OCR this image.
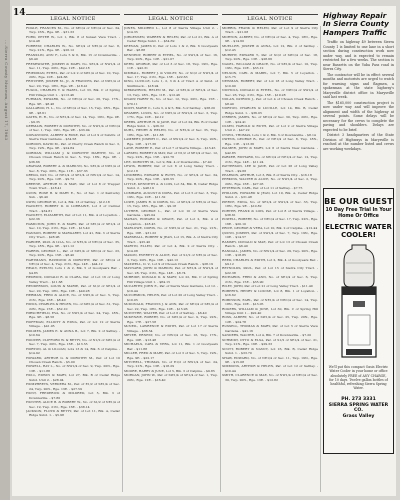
....Sierra County Museum, August 17, 1963
14
LEGAL NOTICE	LEGAL NOTICE	LEGAL NOTICE

FOGLE, FRANCES M., No. of SE1/4 of NE1/4 of Sec. 34, Twp. 16N., Rge. 9E. - $31.33

FORD, PETER W., Lot 1, Blk. 8 of Sunset View Tract. - $14.48

FORREST, CHARLES W., No. SE1/4 of NE1/4 of Sec. 8, Twp. 21N., Rge. 9E. - $26.12

FRANKLIN, ANN F., Lots 5 & 6, Blk. 15 of Downieville. - $6.40

FRESHWATER, JOSEPH & MARY, No. SE1/4 of NW1/4 of Sec. 11, Twp. 20N., Rge. 12E. - $42.18

FRIEDMAN, ETHEL, Par. of Lot 2 of SW1/4 of Sec. 10, Twp. 20N., Rge. 10E. - $24.66

FRITCHER, JOSEPH M., Jr., & FRANCES, Par. of NW1/4 of Sec. 20, Twp. 18N., Rge. 9E. - $18.41

FUGOL, CHARLES T. & HAZEL, Lot 33, Blk. C of Spring Hill Village Unit 1. - $113.46

FURMAN, EDWARD, No. of NE1/4 of Sec. 26, Twp. 17N., Rge. 9E. - $8.46

GALLARDO, H. L., No. of SE1/4 of Sec. 15, Twp. 18N., Rge. 9E. - $8.61

GATES, H. R., No. of NE1/4 of Sec. 14, Twp. 16N., Rge. 9E. - $9.35

GERMAIN, ROBERT & DOROTHY, No. of NW1/4 of NW1/4 of Sec. 1, Twp. 19N., Rge. 9E. - $33.94

GIOVANNONI, ALBERT & ROSE, Par. of Lot 9 of Subdiv. of Sierra View Gardens. - $34.58

GORDON, DAVID M., Par. of Cherry Creek Ranch in Sec. 3, Twp. 19N., Rge. 9E. - $24.84

GORMAN, WILLIAM J. & DOROTHY MARTHY, No. of Chosen Creek Ranch in Sec. 5, Twp. 18N., Rge. 9E. - $36.66

GRAHAM, ROBERT A. & MARILYN, No. SE1/4 of NW1/4 of Sec. 8, Twp. 20N., Rge. 11E. - $37.33

GREGG, PAT, No. of NE1/4 of SE1/4 of NW1/4 of Sec. 14, Twp. 20N., Rge. 12E. - $9.72

GREENE, ARTHUR N. & MAE, Par. of Lot 8 of Trapper Town Tract. - $18.41

GUNN, ROSE B. & MARY E., No. of Sec. 1 of Kentucky Sub. - $6.40

GWIN, GEORGE W., Lot 4, Blk. 13 of Sattley. - $12.18

HACKETT, ROBERT D. & LORRAINE, Lot 3 of Carmel Tract. - $34.81

HACKETT, ELIZABETH, Par. of Lot 11, Blk. 4 of Loyalton. - $22.36

HAMILTON, JOHN E. & MARY, Par. of SE1/4 of SE1/4 of Sec. 10, Twp. 21N., Rge. 12E. - $15.40

HANSON, ROBERT & MARGARET, Lot 41, Blk. 3 of Sierra City Tract. - $28.96

HARDER, PAUL & LILA, No. of NE1/4 of NE1/4 of Sec. 35, Twp. 18N., Rge. 9E. - $21.12

HARRIS, GEORGE L., Par. of SW1/4 of SW1/4 of Sec. 23, Twp. 20N., Rge. 15E. - $8.40

HARTMANN, RAYMOND & DOROTHY, Par. of SE1/4 of NE1/4 of Sec. 4, Twp. 21N., Rge. 14E. - $44.12

HEALY, EVELYN, Lots 1 & 2, Blk. 5 of Goodyears Bar. - $4.85

HEDRICK, DONALD R. & CLARA, Par. of Lot 16 of Long Valley Tract. - $11.68

HENDERSON, LOUIS & MARIE, Par. of S1/2 of SE1/4 of Sec. 20, Twp. 18N., Rge. 10E. - $49.28

HERMAN, FRED & ALICE, No. of NW1/4 of Sec. 5, Twp. 21N., Rge. 16E. - $8.40

HICKS, CHARLES & HELEN, No. of SW1/4 of Sec. 31, Twp. 22N., Rge. 15E. - $52.10

HIRSCHFIELD, EVA, No. of NW1/4 of Sec. 24, Twp. 18N., Rge. 9E. - $8.56

HOFFMAN, ELLIOTT & EDNA, Par. of Lot 12 of Sierra Village. - $41.05

HOLMES, JAMES E. & ANNA B., Lot 7, Blk. 2 of Sattley. - $10.64

HOOVER, CLIFFORD W. & BETTY, No. of N1/2 of SW1/4 of Sec. 7, Twp. 20N., Rge. 16E. - $13.55

HORTON, AL & LILLIAN, Lots 13 & 14, Blk. 6 of Calpine. - $14.92

HOWARD, ARTHUR G. & DOROTHY M., Par. of Lot 10 Chosen Creek Ranch. - $5.00

HOWELL, RAY L., No. of NW1/4 of Sec. 9, Twp. 20N., Rge. 13E. - $11.88

HULL, EDWIN & MARY, Lot 27, Blk. B of Cedar Ridge Subd. Unit 2. - $28.04

HUMPHREYS, VERDERA M., Par. of E1/2 of SE1/4 of Sec. 24, Twp. 20N., Rge. 13E. - $27.59

HUNT, FREDERICK & MILDRED, Lot 5, Blk. 3 of Downieville. - $7.80

HUNTER, ALICE B. & ROBERT W., No. of S1/2 of NE1/4 of Sec. 19, Twp. 21N., Rge. 16E. - $38.14

JACKSON, FLOYD & BETTY, Par. of Lot 11, Blk. A, Cedar Ridge Subd. 1. - $5.98

JONES, MILDRED L., Lot 8 of Sierra Village Unit 2. - $14.35

JORGENSEN, WARREN & HELEN, Par. of Lot 21, Blk. A of Cedar Ridge Subd. 1. - $34.69

KEENAN, JAMES P., Par. of Lots 1 & 2, Blk. 6 Goodyears Bar. - $8.88

KENNEDY, ROBERT & ETHEL, No. of SW1/4 of Sec. 16, Twp. 20N., Rge. 12E. - $21.07

KERN, GEORGE, Par. of Lot 3 of Sec. 18, Twp. 19N., Rge. 11E. - $42.31

KIMBALL, ROBERT J. & VIOLET, No. of S1/2 of NW1/4 of Sec. 17, Twp. 21N., Rge. 13E. - $22.63

KING, LUCILLE, Lots 1, 2, 3 & 4 of Tract A of Subd. of Smithneck. - $18.94

KIRKPATRICK, HELEN M., Par. of SE1/4 of NE1/4 of Sec. 13, Twp. 18N., Rge. 11E. - $12.46

KNAPP, HARRY W., No. of Sec. 12, Twp. 20N., Rge. 15E. - $70.11

KOCH, MARIE C., Lots 3, 4 & 5, Blk. 3 of Sattley. - $38.20

KRAMER, LOUIS, No. of NW1/4 of NW1/4 of Sec. 3, Twp. 17N., Rge. 10E. - $9.12

KREBS, ARTHUR H. & JANE, Par. of Lot 24, Blk. B of Cedar Ridge Subd. 1. - $26.32

KUHL, HENRY & HELEN, No. of NE1/4 of Sec. 35, Twp. 18N., Rge. 9E. - $11.88

LAMBERT, JOSEPH C., Par. of SW1/4 of Sec. 6, Twp. 20N., Rge. 12E. - $17.36

LANE, ROBERT E., Par. of Lot 7 of Sierra Village. - $13.45

LARSEN, ROBERT & MAY, Par. of N1/2 of SE1/4 of Sec. 12, Twp. 22N., Rge. 15E. - $22.76

LEE, DOROTHY M., Lot 9, Blk. 4 of Downieville. - $7.40

LEWIS, ROBERT, Par. of Lot 8 of Long Valley Tract. - $12.18

LINDBERG, EDWARD & RUTH, No. of SE1/4 of Sec. 34, Twp. 20N., Rge. 13E. - $26.55

LITTLE, KENNETH A. & LOIS, Lot 34, Blk. B, Cedar Ridge Subd. 2. - $48.19

LOMBARD, AUGUST & DORA, Par. of Lot 5 of Sec. 3, Twp. 19N., Rge. 10E. - $11.32

LOWE, JAMES R. & DORIS, No. of SE1/4 of NE1/4 of Sec. 15, Twp. 18N., Rge. 9E. - $9.18

LUTHER, GEORGE L., Par. of Lot 10 of Sierra View Gardens. - $45.04

MAHAN, EDWARD & GRACE, Par. of Lot 2, Blk. 4 of Loyalton. - $18.45

MARLOWE, DORIS, No. of NW1/4 of Sec. 21, Twp. 21N., Rge. 16E. - $31.22

MARSHALL, ROBERT & JEAN, Lot 15, Blk. A of Sierra City Tract. - $25.40

MARTIN, ELLEN, Par. of Lot 4, Blk. 2 of Sierra City. - $14.08

MASON, EVERETT & ALICE, Par. of S1/2 of NE1/4 of Sec. 3, Twp. 20N., Rge. 16E. - $42.13

MAXWELL, D. V., Lot 9 of Chosen Creek Ranch. - $28.19

MAYNARD, JOHN & MARION, Par. of NE1/4 of NW1/4 of Sec. 28, Twp. 21N., Rge. 14E. - $8.74

McBRIDE, DONALD D. & MARY, Lot 22, Blk. C of Spring Hill Village Unit 1. - $84.15

McCARTHY, JOHN E., Par. of Sierra View Gardens, Lot 12. - $19.44

McCORMICK, HELEN, Par. of Lot 20 of Long Valley Tract. - $10.05

McDONALD, FRANCIS J. & ANN, Par. of SE1/4 of SE1/4 of Sec. 22, Twp. 18N., Rge. 10E. - $15.96

McINTYRE, WALTER, Par. of Lot 6 of Sattley. - $6.40

McKENZIE, ROBERT, No. of SW1/4 of Sec. 9, Twp. 22N., Rge. 17E. - $27.58

McNEIL, LAWRENCE & EDITH, Par. of Lot 17 of Sierra Village. - $36.54

MEYER, ERNEST, No. of NW1/4 of Sec. 16, Twp. 17N., Rge. 10E. - $13.48

MICHAELS, CARL & VERA, Lot 11, Blk. 1 of Goodyears Bar. - $11.88

MILLER, FRED & MARY, Par. of Lot 3 of Sec. 5, Twp. 19N., Rge. 9E. - $22.17

MITCHELL, THOMAS, No. of E1/2 of NW1/4 of Sec. 24, Twp. 21N., Rge. 13E. - $18.29

MOORE, HARRY & JUNE, Lot 5, Blk. 3 of Calpine. - $9.85

MORGAN, JOHN W., Par. of SW1/4 of SE1/4 of Sec. 1, Twp. 20N., Rge. 12E. - $16.40

MORRIS, FRANK & HELEN, Par. of Lot 9 of Sierra City Tract. - $21.08

MORTON, ALBERT, No. of NE1/4 of Sec. 4, Twp. 18N., Rge. 9E. - $14.60

MUELLER, JOSEPH & ANNA, Lot 12, Blk. 2 of Sattley. - $12.45

MURPHY, EDWARD T., Par. of S1/2 of SW1/4 of Sec. 18, Twp. 20N., Rge. 13E. - $28.66

NAGEL, WILLIAM & GRACE, No. of SE1/4 of Sec. 10, Twp. 19N., Rge. 10E. - $33.12

NELSON, CARL & MABEL, Lot 7, Blk. 5 of Loyalton. - $15.75

NEWMAN, ROBERT, Par. of Lot 18 of Long Valley Tract. - $10.90

NICHOLS, DONALD & ETHEL, No. of NW1/4 of SW1/4 of Sec. 26, Twp. 21N., Rge. 15E. - $19.28

NOLAN, PATRICK J., Par. of Lot 4 of Chosen Creek Ranch. - $8.40

NORTON, CHARLES & LUCILLE, Lot 14, Blk. B, Cedar Ridge Subd. 1. - $36.05

O'BRIEN, JAMES, No. of SE1/4 of Sec. 30, Twp. 20N., Rge. 12E. - $24.41

OLSEN, HAROLD & RUTH, Par. of Lot 2 of Sierra Village Unit 2. - $47.22

O'NEIL, THOMAS, Lots 1 & 2, Blk. 3 of Downieville. - $8.14

OWENS, GEORGE B., Par. of NE1/4 of Sec. 8, Twp. 18N., Rge. 11E. - $13.36

PALMER, JOHN & MARY, Lot 6 of Sierra View Gardens. - $42.85

PARKER, RICHARD, No. of SW1/4 of NE1/4 of Sec. 12, Twp. 21N., Rge. 14E. - $11.24

PATTERSON, LEE & JANE, Par. of Lot 26 of Long Valley Tract. - $9.66

PEARSON, ARTHUR, Lot 3, Blk. 6 of Sierra City. - $16.18

PERKINS, WALTER & ALICE, No. of NW1/4 of Sec. 2, Twp. 20N., Rge. 16E. - $27.03

PETERSON, CARL, Par. of Lot 11 of Sattley. - $7.75

PHILLIPS, HOWARD & JEAN, Lot 19, Blk. A, Cedar Ridge Subd. 2. - $31.48

PIERCE, EDNA, No. of SE1/4 of SW1/4 of Sec. 33, Twp. 18N., Rge. 9E. - $10.82

PORTER, FRANK & LOIS, Par. of Lot 8 of Sierra Village. - $38.61

POWELL, ROBERT, No. of NE1/4 of Sec. 17, Twp. 22N., Rge. 16E. - $20.10

PRICE, GEORGE & VERA, Lot 10, Blk. 2 of Calpine. - $12.44

QUINN, JOSEPH, Par. of SW1/4 of Sec. 7, Twp. 19N., Rge. 10E. - $14.57

RAMSEY, DONALD & MAE, Par. of Lot 13 of Chosen Creek Ranch. - $6.40

RANDALL, JAMES, No. of NW1/4 of Sec. 29, Twp. 20N., Rge. 13E. - $18.85

REED, CHARLES & EDITH, Lot 2, Blk. 4 of Goodyears Bar. - $9.12

REYNOLDS, PAUL, Par. of Lot 15 of Sierra City Tract. - $22.38

RICHARDS, FRED & ANN, No. of SE1/4 of Sec. 6, Twp. 21N., Rge. 15E. - $35.90

RILEY, JOHN, Par. of Lot 21 of Long Valley Tract. - $11.40

ROBERTS, HENRY & LOUISE, Lot 8, Blk. 1 of Loyalton. - $16.62

ROBINSON, EARL, Par. of NE1/4 of NW1/4 of Sec. 14, Twp. 18N., Rge. 10E. - $13.05

ROGERS, WILLIAM & JUNE, Lot 30, Blk. C of Spring Hill Village Unit 1. - $92.40

ROSS, ALBERT, No. of SW1/4 of Sec. 25, Twp. 20N., Rge. 12E. - $24.78

RUSSELL, THOMAS & MARY, Par. of Lot 5 of Sierra View Gardens. - $41.16

SANDERS, WALTER, Lot 4, Blk. 7 of Downieville. - $7.20

SCHMIDT, OTTO & ELSA, Par. of S1/2 of SE1/4 of Sec. 21, Twp. 21N., Rge. 16E. - $29.33

SCOTT, ROBERT & NANCY, Lot 16, Blk. B, Cedar Ridge Subd. 1. - $33.70

SHAW, EDWARD, No. of NE1/4 of Sec. 11, Twp. 19N., Rge. 9E. - $15.08

SIMMONS, ARTHUR & HELEN, Par. of Lot 12 of Sattley. - $10.44

SMITH, CLARENCE & MAE, No. of NW1/4 of NE1/4 of Sec. 30, Twp. 20N., Rge. 13E. - $12.82

Highway Repair In Sierra County Hampers Traffic

Traffic on highway 49 between Sierra County 1 is limited to one lane in a short section during construction work now under way, and is expected to remain restricted for a few weeks. The section is near Bassetts on the Yuba Pass road in Sierra City.

The contractor will be in effect several months and motorists are urged to watch for warning signs and flagmen, a spokesman at the state highway's Marysville district office in Marysville said last week.

The $165,000 construction project is now under way and will improve the alignment and width of the highway at several points. Some delays will be necessary for the crews to complete the paving and shoulders. Delays are expected to be brief.

District 3 headquarters of the State Division of Highways in Marysville is reached at the number listed and crews are working weekdays.

BE OUR GUEST
10 Day Free Trial In Your Home Or Office
ELECTRIC WATER COOLER!
We'll put this compact Oasis Electric Water Cooler in your home or office absolutely FREE of ANY CHARGE, for 10 days. Twelve gallon bottles of healthful, refreshing Sierra Spring Water.
PH. 273 3331
SIERRA SPRING WATER CO.
Grass Valley
